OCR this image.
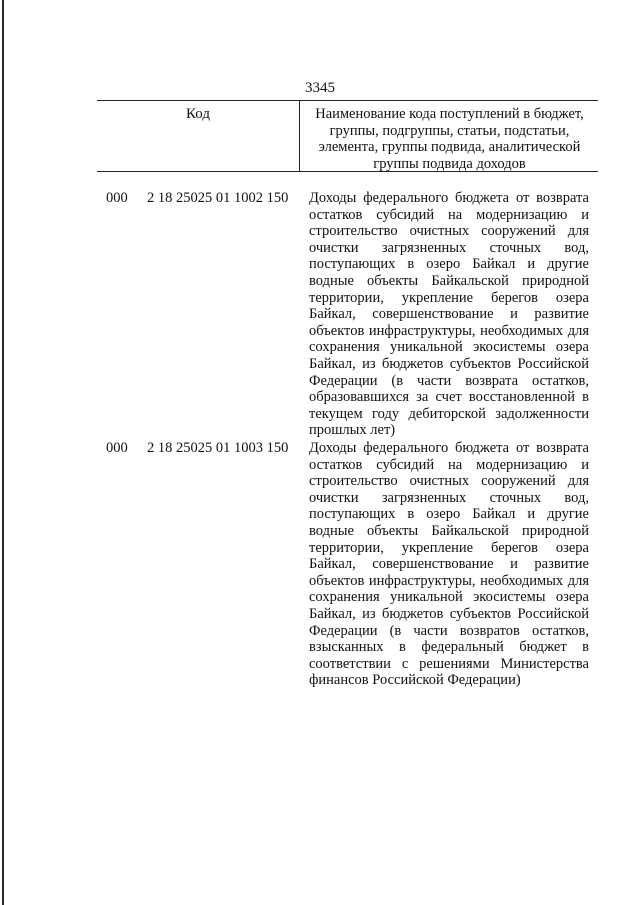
3345
Код	Наименование кода поступлений в бюджет, группы, подгруппы, статьи, подстатьи, элемента, группы подвида, аналитической группы подвида доходов
000 2 18 25025 01 1002 150 Доходы федерального бюджета от возврата остатков субсидий на модернизацию и строительство очистных сооружений для очистки загрязненных сточных вод, поступающих в озеро Байкал и другие водные объекты Байкальской природной территории, укрепление берегов озера Байкал, совершенствование и развитие объектов инфраструктуры, необходимых для сохранения уникальной экосистемы озера Байкал, из бюджетов субъектов Российской Федерации (в части возврата остатков, образовавшихся за счет восстановленной в текущем году дебиторской задолженности прошлых лет)
000 2 18 25025 01 1003 150 Доходы федерального бюджета от возврата остатков субсидий на модернизацию и строительство очистных сооружений для очистки загрязненных сточных вод, поступающих в озеро Байкал и другие водные объекты Байкальской природной территории, укрепление берегов озера Байкал, совершенствование и развитие объектов инфраструктуры, необходимых для сохранения уникальной экосистемы озера Байкал, из бюджетов субъектов Российской Федерации (в части возвратов остатков, взысканных в федеральный бюджет в соответствии с решениями Министерства финансов Российской Федерации)
